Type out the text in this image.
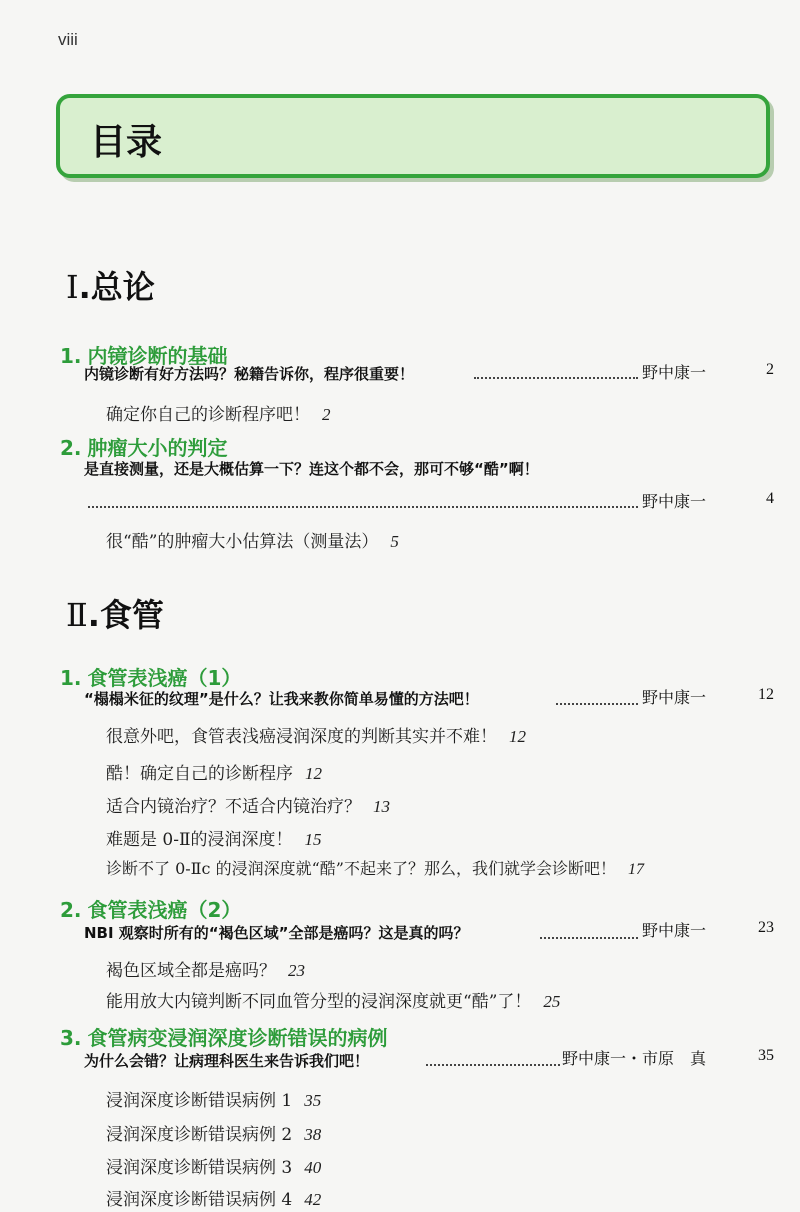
viii
目录
Ⅰ.总论
1. 内镜诊断的基础
内镜诊断有好方法吗？秘籍告诉你，程序很重要！	野中康一	2
确定你自己的诊断程序吧！ 2
2. 肿瘤大小的判定
是直接测量，还是大概估算一下？连这个都不会，那可不够“酷”啊！
野中康一	4
很“酷”的肿瘤大小估算法（测量法） 5
Ⅱ.食管
1. 食管表浅癌（1）
“榻榻米征的纹理”是什么？让我来教你简单易懂的方法吧！	野中康一	12
很意外吧，食管表浅癌浸润深度的判断其实并不难！ 12
酷！确定自己的诊断程序 12
适合内镜治疗？不适合内镜治疗？ 13
难题是 0-Ⅱ的浸润深度！ 15
诊断不了 0-Ⅱc 的浸润深度就“酷”不起来了？那么，我们就学会诊断吧！ 17
2. 食管表浅癌（2）
NBI 观察时所有的“褐色区域”全部是癌吗？这是真的吗？	野中康一	23
褐色区域全都是癌吗？ 23
能用放大内镜判断不同血管分型的浸润深度就更“酷”了！ 25
3. 食管病变浸润深度诊断错误的病例
为什么会错？让病理科医生来告诉我们吧！	野中康一・市原　真	35
浸润深度诊断错误病例 1 35
浸润深度诊断错误病例 2 38
浸润深度诊断错误病例 3 40
浸润深度诊断错误病例 4 42
